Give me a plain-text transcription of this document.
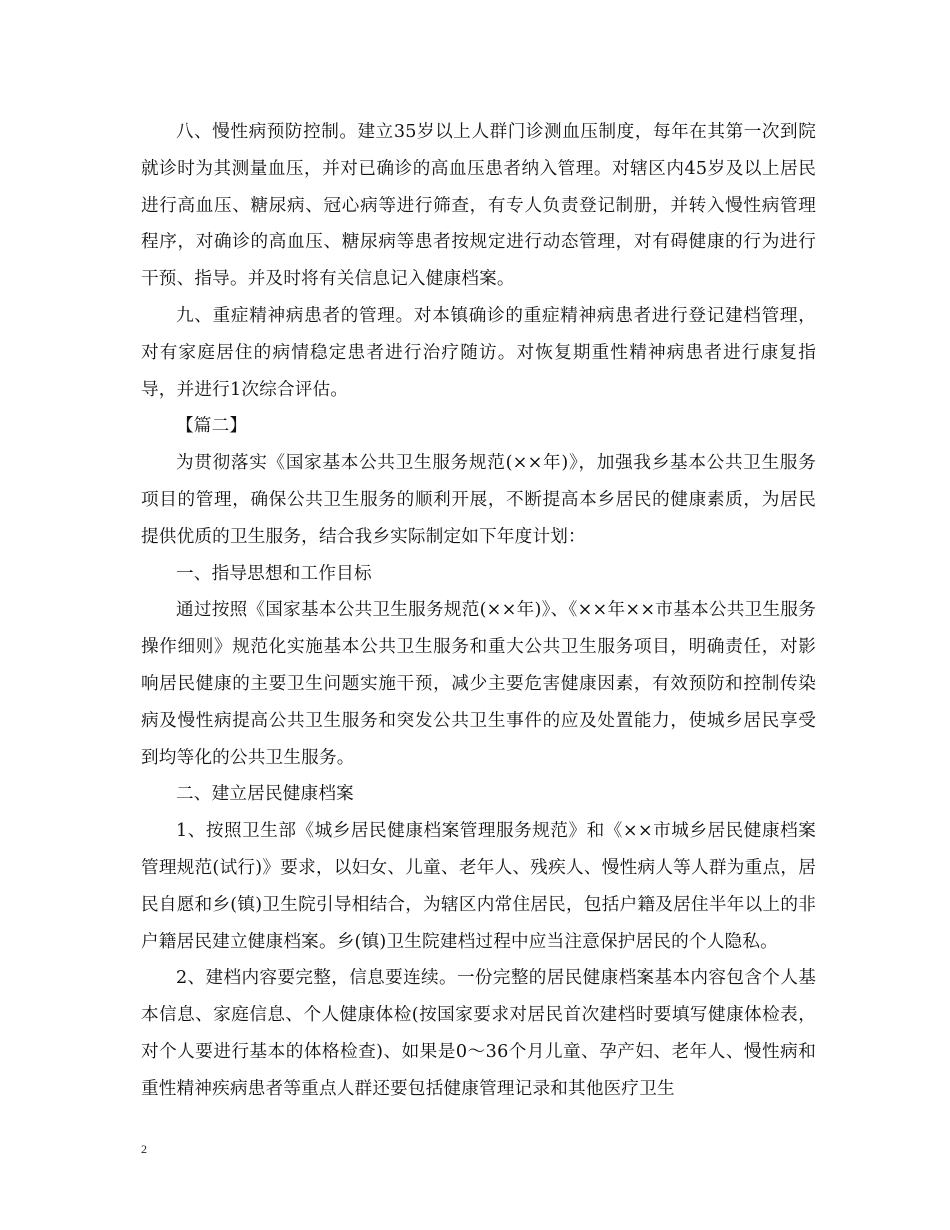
八、慢性病预防控制。建立35岁以上人群门诊测血压制度，每年在其第一次到院就诊时为其测量血压，并对已确诊的高血压患者纳入管理。对辖区内45岁及以上居民进行高血压、糖尿病、冠心病等进行筛查，有专人负责登记制册，并转入慢性病管理程序，对确诊的高血压、糖尿病等患者按规定进行动态管理，对有碍健康的行为进行干预、指导。并及时将有关信息记入健康档案。

九、重症精神病患者的管理。对本镇确诊的重症精神病患者进行登记建档管理，对有家庭居住的病情稳定患者进行治疗随访。对恢复期重性精神病患者进行康复指导，并进行1次综合评估。

【篇二】

为贯彻落实《国家基本公共卫生服务规范(××年)》，加强我乡基本公共卫生服务项目的管理，确保公共卫生服务的顺利开展，不断提高本乡居民的健康素质，为居民提供优质的卫生服务，结合我乡实际制定如下年度计划：

一、指导思想和工作目标

通过按照《国家基本公共卫生服务规范(××年)》、《××年××市基本公共卫生服务操作细则》规范化实施基本公共卫生服务和重大公共卫生服务项目，明确责任，对影响居民健康的主要卫生问题实施干预，减少主要危害健康因素，有效预防和控制传染病及慢性病提高公共卫生服务和突发公共卫生事件的应及处置能力，使城乡居民享受到均等化的公共卫生服务。

二、建立居民健康档案

1、按照卫生部《城乡居民健康档案管理服务规范》和《××市城乡居民健康档案管理规范(试行)》要求，以妇女、儿童、老年人、残疾人、慢性病人等人群为重点，居民自愿和乡(镇)卫生院引导相结合，为辖区内常住居民，包括户籍及居住半年以上的非户籍居民建立健康档案。乡(镇)卫生院建档过程中应当注意保护居民的个人隐私。

2、建档内容要完整，信息要连续。一份完整的居民健康档案基本内容包含个人基本信息、家庭信息、个人健康体检(按国家要求对居民首次建档时要填写健康体检表，对个人要进行基本的体格检查)、如果是0～36个月儿童、孕产妇、老年人、慢性病和重性精神疾病患者等重点人群还要包括健康管理记录和其他医疗卫生

2
